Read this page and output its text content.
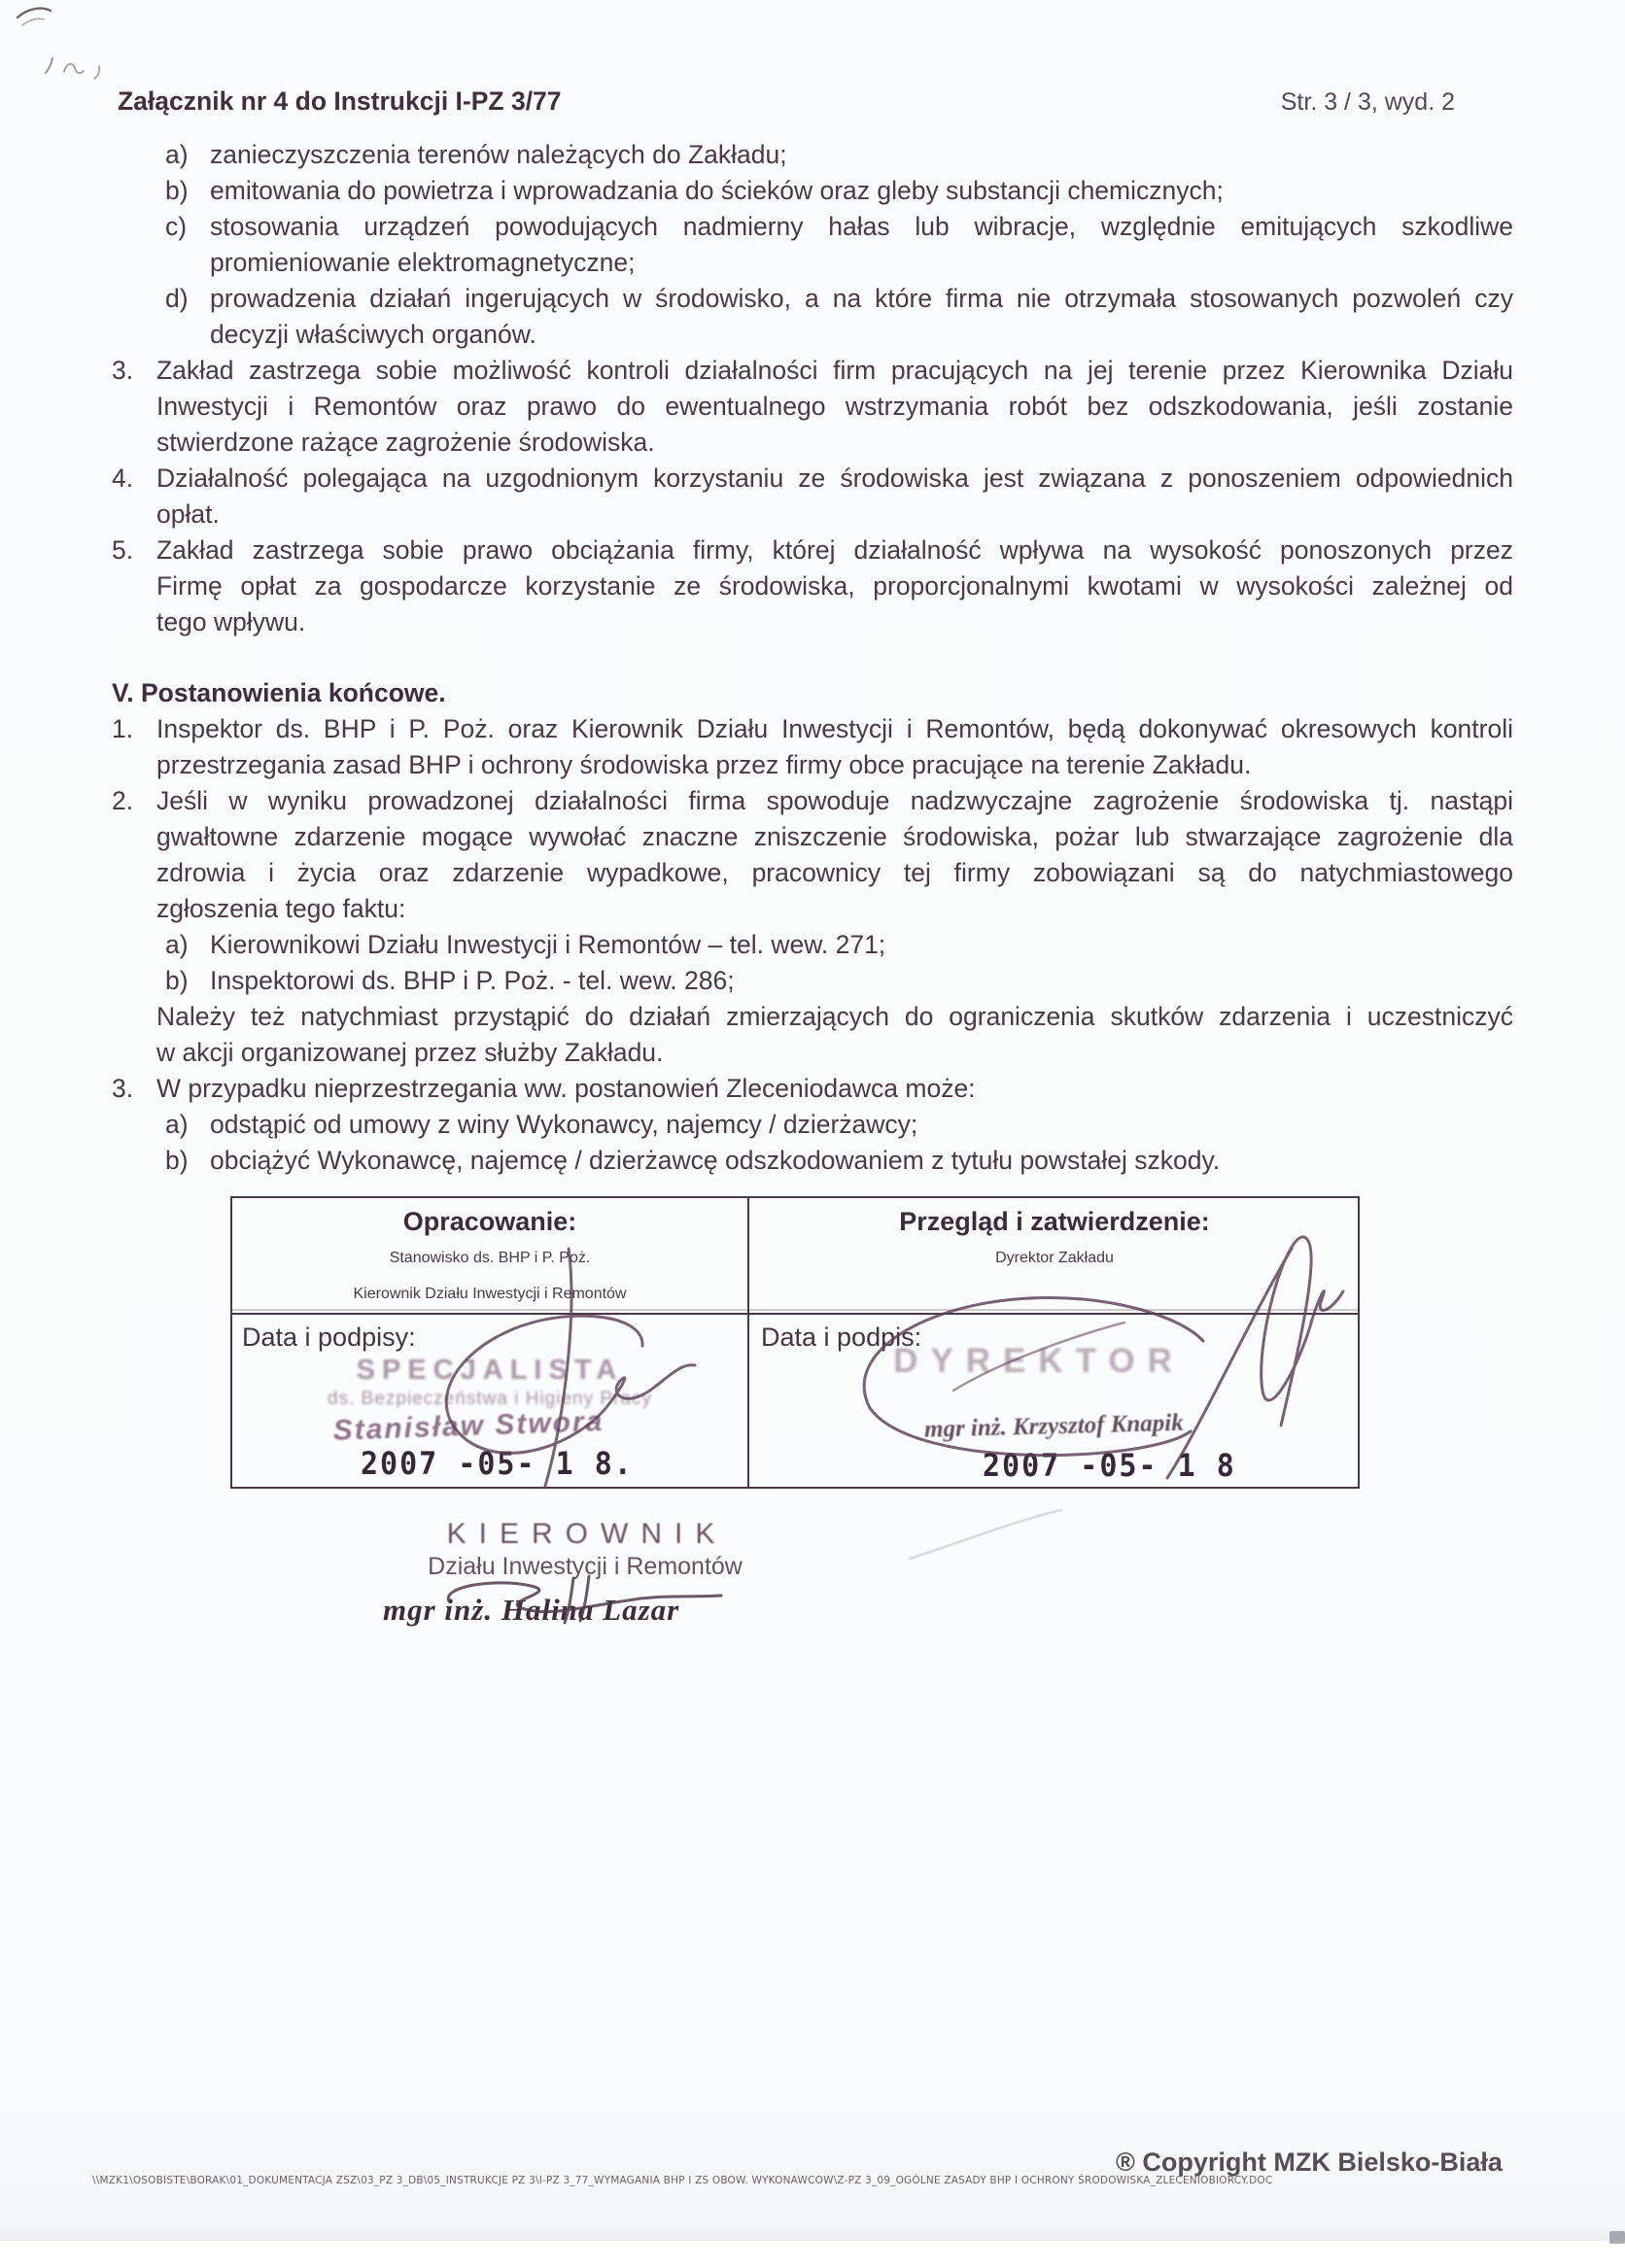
Załącznik nr 4 do Instrukcji I-PZ 3/77	Str. 3 / 3, wyd. 2
a) zanieczyszczenia terenów należących do Zakładu;
b) emitowania do powietrza i wprowadzania do ścieków oraz gleby substancji chemicznych;
c) stosowania urządzeń powodujących nadmierny hałas lub wibracje, względnie emitujących szkodliwe
promieniowanie elektromagnetyczne;
d) prowadzenia działań ingerujących w środowisko, a na które firma nie otrzymała stosowanych pozwoleń czy
decyzji właściwych organów.
3. Zakład zastrzega sobie możliwość kontroli działalności firm pracujących na jej terenie przez Kierownika Działu
Inwestycji i Remontów oraz prawo do ewentualnego wstrzymania robót bez odszkodowania, jeśli zostanie
stwierdzone rażące zagrożenie środowiska.
4. Działalność polegająca na uzgodnionym korzystaniu ze środowiska jest związana z ponoszeniem odpowiednich
opłat.
5. Zakład zastrzega sobie prawo obciążania firmy, której działalność wpływa na wysokość ponoszonych przez
Firmę opłat za gospodarcze korzystanie ze środowiska, proporcjonalnymi kwotami w wysokości zależnej od
tego wpływu.
V. Postanowienia końcowe.
1. Inspektor ds. BHP i P. Poż. oraz Kierownik Działu Inwestycji i Remontów, będą dokonywać okresowych kontroli
przestrzegania zasad BHP i ochrony środowiska przez firmy obce pracujące na terenie Zakładu.
2. Jeśli w wyniku prowadzonej działalności firma spowoduje nadzwyczajne zagrożenie środowiska tj. nastąpi
gwałtowne zdarzenie mogące wywołać znaczne zniszczenie środowiska, pożar lub stwarzające zagrożenie dla
zdrowia i życia oraz zdarzenie wypadkowe, pracownicy tej firmy zobowiązani są do natychmiastowego
zgłoszenia tego faktu:
a) Kierownikowi Działu Inwestycji i Remontów – tel. wew. 271;
b) Inspektorowi ds. BHP i P. Poż. - tel. wew. 286;
Należy też natychmiast przystąpić do działań zmierzających do ograniczenia skutków zdarzenia i uczestniczyć
w akcji organizowanej przez służby Zakładu.
3. W przypadku nieprzestrzegania ww. postanowień Zleceniodawca może:
a) odstąpić od umowy z winy Wykonawcy, najemcy / dzierżawcy;
b) obciążyć Wykonawcę, najemcę / dzierżawcę odszkodowaniem z tytułu powstałej szkody.
Opracowanie:
Stanowisko ds. BHP i P. Poż.
Kierownik Działu Inwestycji i Remontów
Przegląd i zatwierdzenie:
Dyrektor Zakładu
Data i podpisy:	Data i podpis:
SPECJALISTA
ds. Bezpieczeństwa i Higieny Pracy
Stanisław Stwora
2007 -05- 1 8.
DYREKTOR
mgr inż. Krzysztof Knapik
2007 -05- 1 8
KIEROWNIK
Działu Inwestycji i Remontów
mgr inż. Halina Lazar
\\MZK1\OSOBISTE\BORAK\01_DOKUMENTACJA ZSZ\03_PZ 3_DB\05_INSTRUKCJE PZ 3\I-PZ 3_77_WYMAGANIA BHP I ZS OBOW. WYKONAWCOW\Z-PZ 3_09_OGÓLNE ZASADY BHP I OCHRONY ŚRODOWISKA_ZLECENIOBIORCY.DOC
® Copyright MZK Bielsko-Biała
